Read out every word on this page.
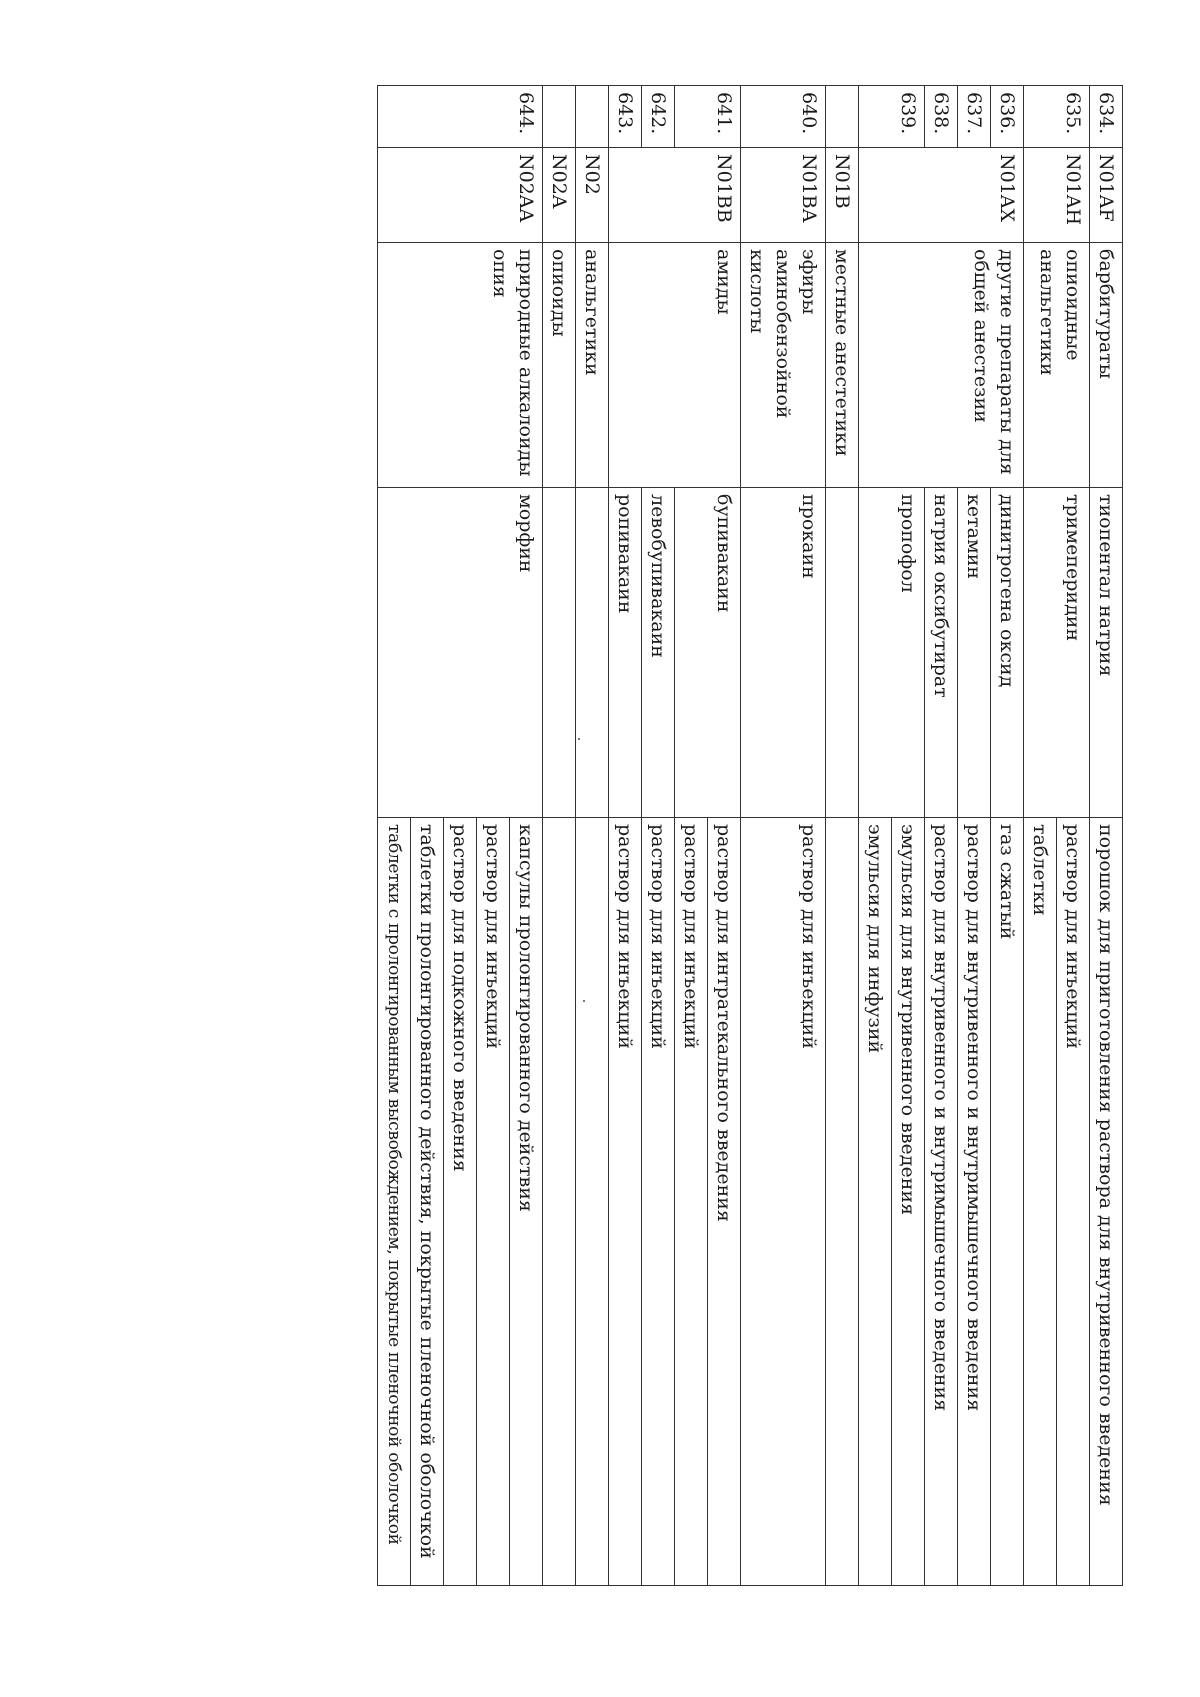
634.	N01AF	барбитураты	тиопентал натрия	порошок для приготовления раствора для внутривенного введения
635.	N01AH	опиоидные анальгетики	тримеперидин	раствор для инъекций
				таблетки
636.	N01AX	другие препараты для общей анестезии	динитрогена оксид	газ сжатый
637.			кетамин	раствор для внутривенного и внутримышечного введения
638.			натрия оксибутират	раствор для внутривенного и внутримышечного введения
639.			пропофол	эмульсия для внутривенного введения
				эмульсия для инфузий
	N01B	местные анестетики		
640.	N01BA	эфиры аминобензойной кислоты	прокаин	раствор для инъекций
641.	N01BB	амиды	бупивакаин	раствор для интратекального введения
				раствор для инъекций
642.			левобупивакаин	раствор для инъекций
643.			ропивакаин	раствор для инъекций
	N02	анальгетики		
	N02A	опиоиды		
644.	N02AA	природные алкалоиды опия	морфин	капсулы пролонгированного действия
				раствор для инъекций
				раствор для подкожного введения
				таблетки пролонгированного действия, покрытые пленочной оболочкой
				таблетки с пролонгированным высвобождением, покрытые пленочной оболочкой
